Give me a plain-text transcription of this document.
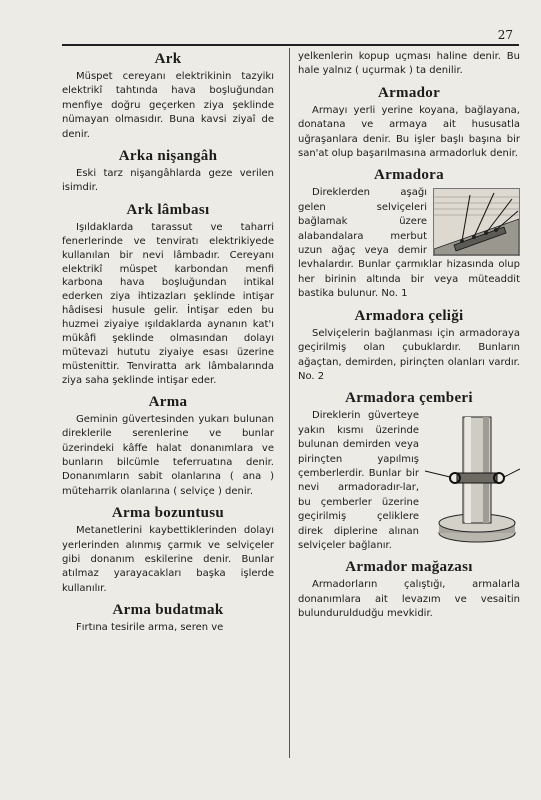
27
Ark

Müspet cereyanı elektrikinin tazyikı elektrikî tahtında hava boşluğundan menfiye doğru geçerken ziya şeklinde nümayan olmasıdır. Buna kavsi ziyaî de denir.

Arka nişangâh

Eski tarz nişangâhlarda geze verilen isimdir.

Ark lâmbası

Işıldaklarda tarassut ve taharri fenerlerinde ve tenviratı elektrikiyede kullanılan bir nevi lâmbadır. Cereyanı elektrikî müspet karbondan menfi karbona hava boşluğundan intikal ederken ziya ihtizazları şeklinde intişar hâdisesi husule gelir. İntişar eden bu huzmei ziyaiye ışıldaklarda aynanın kat'ı mükâfi şeklinde olmasından dolayı mütevazi hututu ziyaiye esası üzerine müstenittir. Tenviratta ark lâmbalarında ziya saha şeklinde intişar eder.

Arma

Geminin güvertesinden yukarı bulunan direklerile serenlerine ve bunlar üzerindeki kâffe halat donanımlara ve bunların bilcümle teferruatına denir. Donanımların sabit olanlarına ( ana ) müteharrik olanlarına ( selviçe ) denir.

Arma bozuntusu

Metanetlerini kaybettiklerinden dolayı yerlerinden alınmış çarmık ve selviçeler gibi donanım eskilerine denir. Bunlar atılmaz yarayacakları başka işlerde kullanılır.

Arma budatmak

Fırtına tesirile arma, seren ve

yelkenlerin kopup uçması haline denir. Bu hale yalnız ( uçurmak ) ta denilir.

Armador

Armayı yerli yerine koyana, bağlayana, donatana ve armaya ait hususatla uğraşanlara denir. Bu işler başlı başına bir san'at olup başarılmasına armadorluk denir.

Armadora

Direklerden aşağı gelen selviçeleri bağlamak üzere alabandalara merbut uzun ağaç veya demir levhalardır. Bunlar çarmıklar hizasında olup her birinin altında bir veya müteaddit bastika bulunur. No. 1

Armadora çeliği

Selviçelerin bağlanması için armadoraya geçirilmiş olan çubuklardır. Bunların ağaçtan, demirden, pirinçten olanları vardır. No. 2

Armadora çemberi

Direklerin güverteye yakın kısmı üzerinde bulunan demirden veya pirinçten yapılmış çemberlerdir. Bunlar bir nevi armadoradır-lar, bu çemberler üzerine geçirilmiş çeliklere direk diplerine alınan selviçeler bağlanır.

Armador mağazası

Armadorların çalıştığı, armalarla donanımlara ait levazım ve vesaitin bulunduruldudğu mevkidir.
